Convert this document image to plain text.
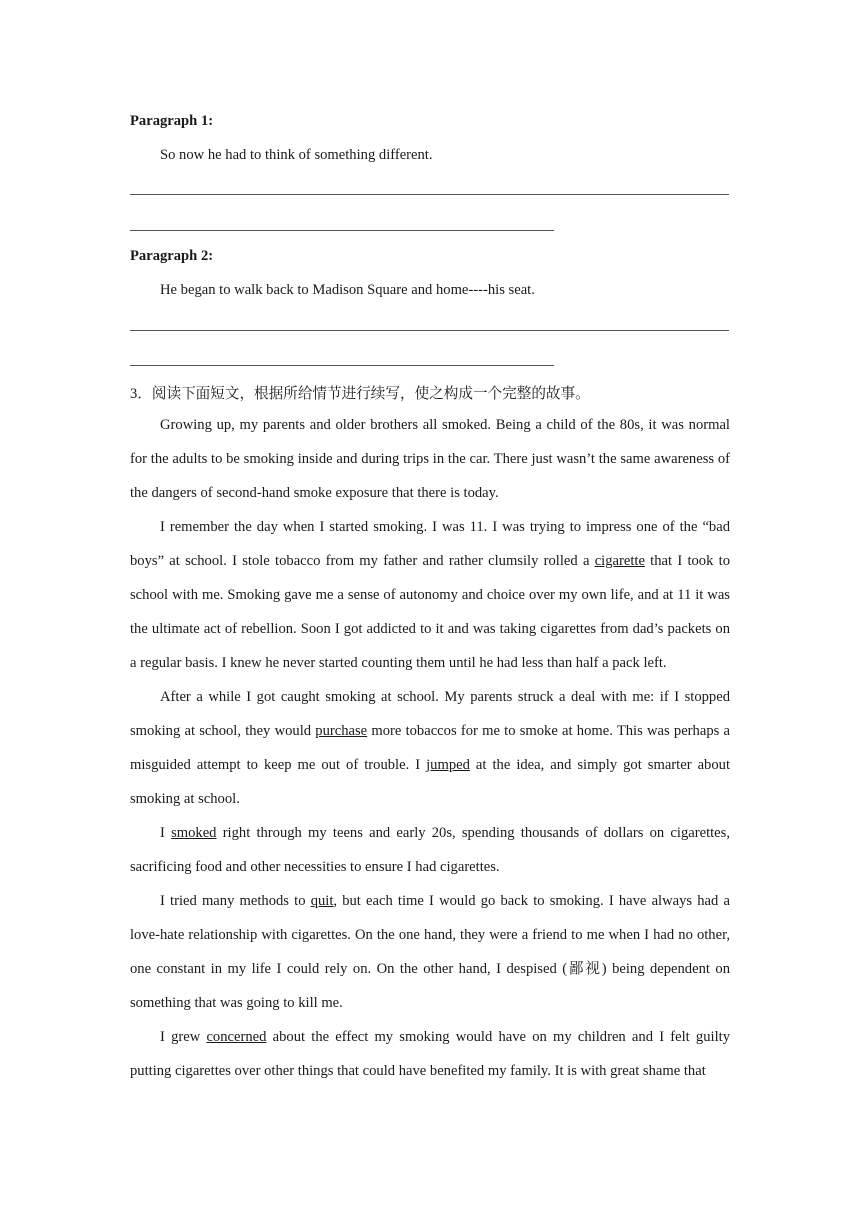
Paragraph 1:
So now he had to think of something different.
Paragraph 2:
He began to walk back to Madison Square and home----his seat.
3．阅读下面短文，根据所给情节进行续写，使之构成一个完整的故事。
Growing up, my parents and older brothers all smoked. Being a child of the 80s, it was normal for the adults to be smoking inside and during trips in the car. There just wasn’t the same awareness of the dangers of second-hand smoke exposure that there is today.
I remember the day when I started smoking. I was 11. I was trying to impress one of the “bad boys” at school. I stole tobacco from my father and rather clumsily rolled a cigarette that I took to school with me. Smoking gave me a sense of autonomy and choice over my own life, and at 11 it was the ultimate act of rebellion. Soon I got addicted to it and was taking cigarettes from dad’s packets on a regular basis. I knew he never started counting them until he had less than half a pack left.
After a while I got caught smoking at school. My parents struck a deal with me: if I stopped smoking at school, they would purchase more tobaccos for me to smoke at home. This was perhaps a misguided attempt to keep me out of trouble. I jumped at the idea, and simply got smarter about smoking at school.
I smoked right through my teens and early 20s, spending thousands of dollars on cigarettes, sacrificing food and other necessities to ensure I had cigarettes.
I tried many methods to quit, but each time I would go back to smoking. I have always had a love-hate relationship with cigarettes. On the one hand, they were a friend to me when I had no other, one constant in my life I could rely on. On the other hand, I despised (鄙视) being dependent on something that was going to kill me.
I grew concerned about the effect my smoking would have on my children and I felt guilty putting cigarettes over other things that could have benefited my family. It is with great shame that
